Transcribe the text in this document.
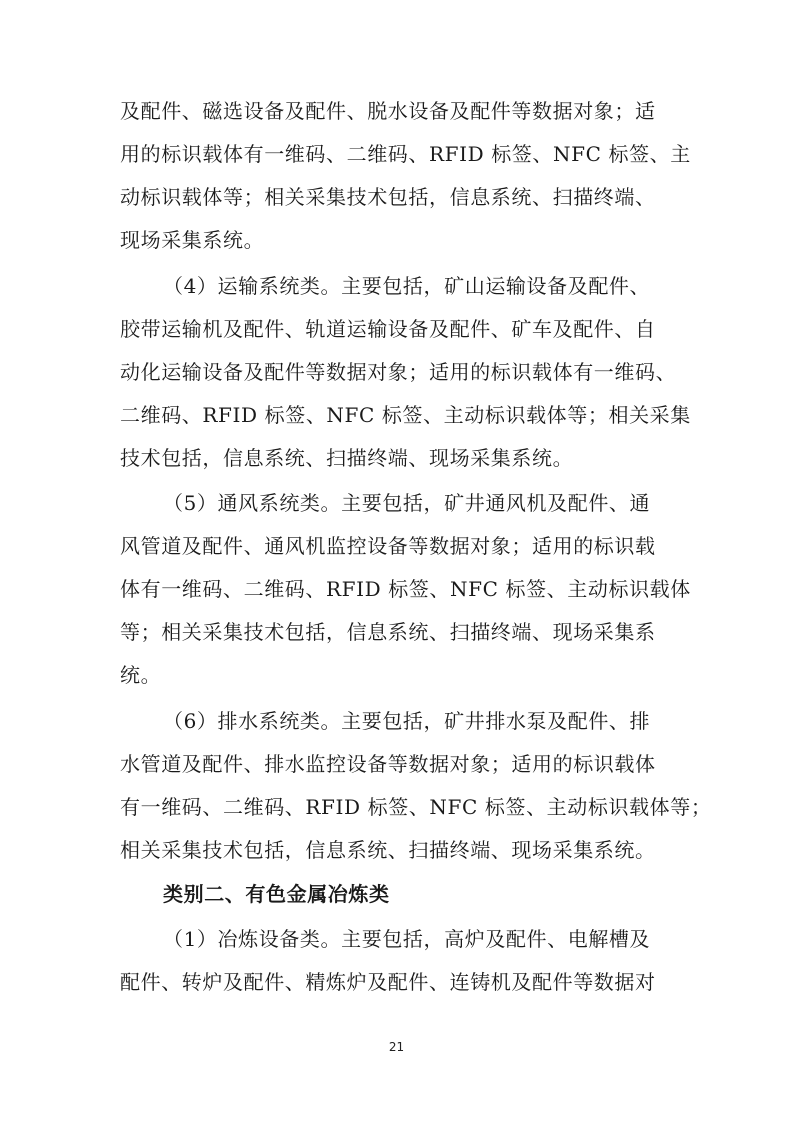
及配件、磁选设备及配件、脱水设备及配件等数据对象；适
用的标识载体有一维码、二维码、RFID 标签、NFC 标签、主
动标识载体等；相关采集技术包括，信息系统、扫描终端、
现场采集系统。
（4）运输系统类。主要包括，矿山运输设备及配件、
胶带运输机及配件、轨道运输设备及配件、矿车及配件、自
动化运输设备及配件等数据对象；适用的标识载体有一维码、
二维码、RFID 标签、NFC 标签、主动标识载体等；相关采集
技术包括，信息系统、扫描终端、现场采集系统。
（5）通风系统类。主要包括，矿井通风机及配件、通
风管道及配件、通风机监控设备等数据对象；适用的标识载
体有一维码、二维码、RFID 标签、NFC 标签、主动标识载体
等；相关采集技术包括，信息系统、扫描终端、现场采集系
统。
（6）排水系统类。主要包括，矿井排水泵及配件、排
水管道及配件、排水监控设备等数据对象；适用的标识载体
有一维码、二维码、RFID 标签、NFC 标签、主动标识载体等；
相关采集技术包括，信息系统、扫描终端、现场采集系统。
类别二、有色金属冶炼类
（1）冶炼设备类。主要包括，高炉及配件、电解槽及
配件、转炉及配件、精炼炉及配件、连铸机及配件等数据对
21
